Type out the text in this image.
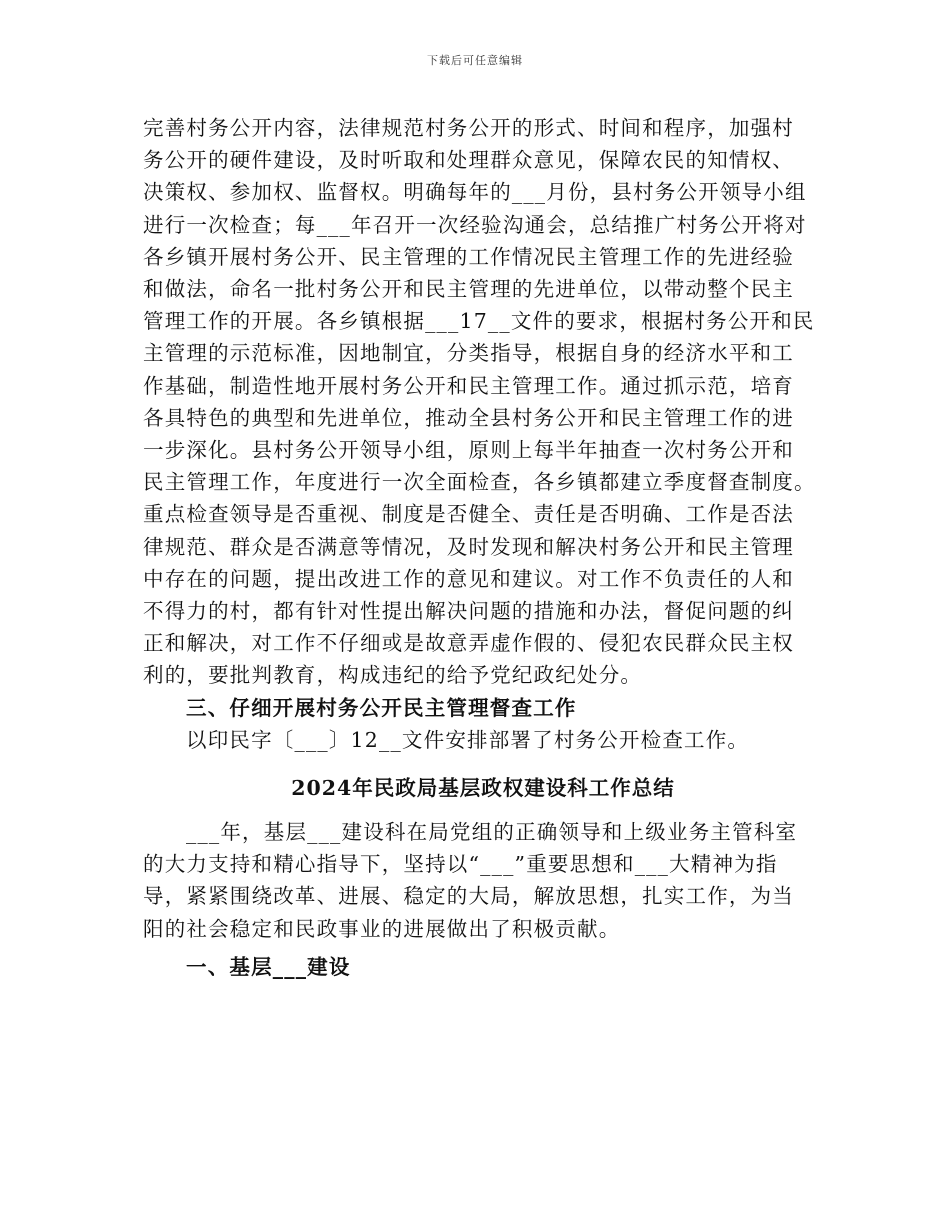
下载后可任意编辑
完善村务公开内容，法律规范村务公开的形式、时间和程序，加强村
务公开的硬件建设，及时听取和处理群众意见，保障农民的知情权、
决策权、参加权、监督权。明确每年的___月份，县村务公开领导小组
进行一次检查；每___年召开一次经验沟通会，总结推广村务公开将对
各乡镇开展村务公开、民主管理的工作情况民主管理工作的先进经验
和做法，命名一批村务公开和民主管理的先进单位，以带动整个民主
管理工作的开展。各乡镇根据___17__文件的要求，根据村务公开和民
主管理的示范标准，因地制宜，分类指导，根据自身的经济水平和工
作基础，制造性地开展村务公开和民主管理工作。通过抓示范，培育
各具特色的典型和先进单位，推动全县村务公开和民主管理工作的进
一步深化。县村务公开领导小组，原则上每半年抽查一次村务公开和
民主管理工作，年度进行一次全面检查，各乡镇都建立季度督查制度。
重点检查领导是否重视、制度是否健全、责任是否明确、工作是否法
律规范、群众是否满意等情况，及时发现和解决村务公开和民主管理
中存在的问题，提出改进工作的意见和建议。对工作不负责任的人和
不得力的村，都有针对性提出解决问题的措施和办法，督促问题的纠
正和解决，对工作不仔细或是故意弄虚作假的、侵犯农民群众民主权
利的，要批判教育，构成违纪的给予党纪政纪处分。
三、仔细开展村务公开民主管理督查工作
以印民字〔___〕12__文件安排部署了村务公开检查工作。
2024年民政局基层政权建设科工作总结
___年，基层___建设科在局党组的正确领导和上级业务主管科室
的大力支持和精心指导下，坚持以“___”重要思想和___大精神为指
导，紧紧围绕改革、进展、稳定的大局，解放思想，扎实工作，为当
阳的社会稳定和民政事业的进展做出了积极贡献。
一、基层___建设
